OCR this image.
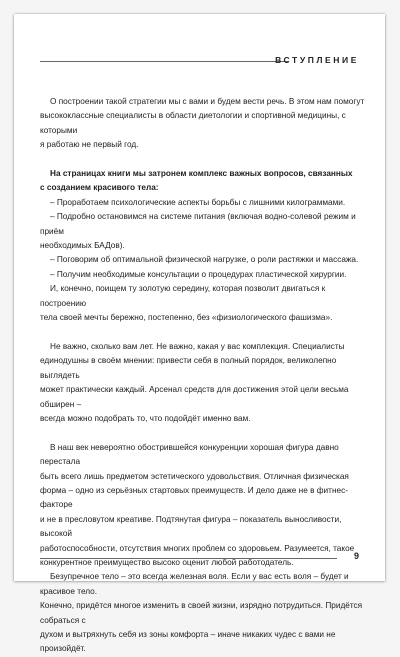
ВСТУПЛЕНИЕ

О построении такой стратегии мы с вами и будем вести речь. В этом нам помогут

высококлассные специалисты в области диетологии и спортивной медицины, с которыми

я работаю не первый год.

На страницах книги мы затронем комплекс важных вопросов, связанных

с созданием красивого тела:

– Проработаем психологические аспекты борьбы с лишними килограммами.

– Подробно остановимся на системе питания (включая водно-солевой режим и приём

необходимых БАДов).

– Поговорим об оптимальной физической нагрузке, о роли растяжки и массажа.

– Получим необходимые консультации о процедурах пластической хирургии.

И, конечно, поищем ту золотую середину, которая позволит двигаться к построению

тела своей мечты бережно, постепенно, без «физиологического фашизма».

Не важно, сколько вам лет. Не важно, какая у вас комплекция. Специалисты

единодушны в своём мнении: привести себя в полный порядок, великолепно выглядеть

может практически каждый. Арсенал средств для достижения этой цели весьма обширен –

всегда можно подобрать то, что подойдёт именно вам.

В наш век невероятно обострившейся конкуренции хорошая фигура давно перестала

быть всего лишь предметом эстетического удовольствия. Отличная физическая

форма – одно из серьёзных стартовых преимуществ. И дело даже не в фитнес-факторе

и не в пресловутом креативе. Подтянутая фигура – показатель выносливости, высокой

работоспособности, отсутствия многих проблем со здоровьем. Разумеется, такое

конкурентное преимущество высоко оценит любой работодатель.

Безупречное тело – это всегда железная воля. Если у вас есть воля – будет и красивое тело.

Конечно, придётся многое изменить в своей жизни, изрядно потрудиться. Придётся собраться с

духом и вытряхнуть себя из зоны комфорта – иначе никаких чудес с вами не произойдёт.

9
